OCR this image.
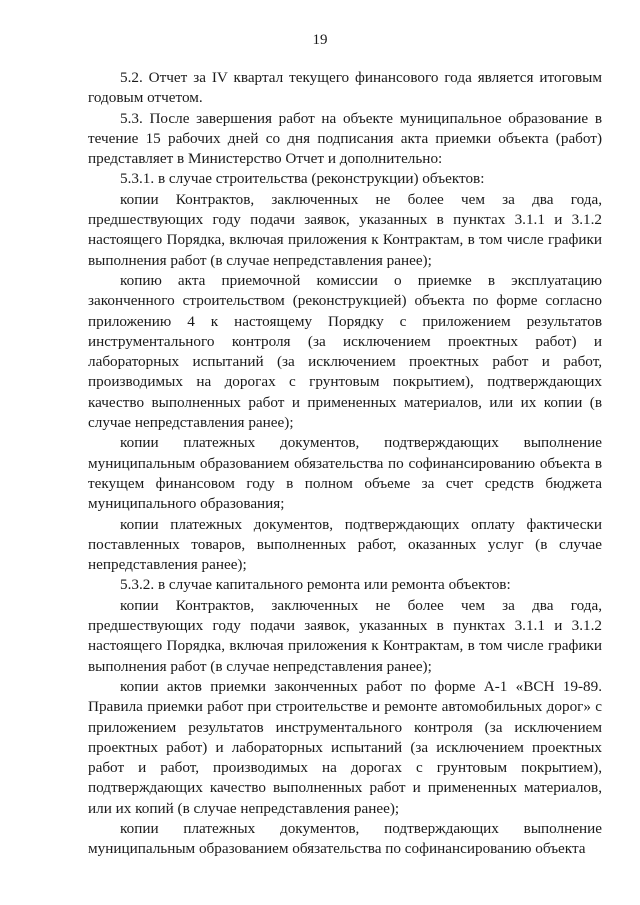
19

5.2. Отчет за IV квартал текущего финансового года является итоговым годовым отчетом.

5.3. После завершения работ на объекте муниципальное образование в течение 15 рабочих дней со дня подписания акта приемки объекта (работ) представляет в Министерство Отчет и дополнительно:

5.3.1. в случае строительства (реконструкции) объектов:

копии Контрактов, заключенных не более чем за два года, предшествующих году подачи заявок, указанных в пунктах 3.1.1 и 3.1.2 настоящего Порядка, включая приложения к Контрактам, в том числе графики выполнения работ (в случае непредставления ранее);

копию акта приемочной комиссии о приемке в эксплуатацию законченного строительством (реконструкцией) объекта по форме согласно приложению 4 к настоящему Порядку с приложением результатов инструментального контроля (за исключением проектных работ) и лабораторных испытаний (за исключением проектных работ и работ, производимых на дорогах с грунтовым покрытием), подтверждающих качество выполненных работ и примененных материалов, или их копии (в случае непредставления ранее);

копии платежных документов, подтверждающих выполнение муниципальным образованием обязательства по софинансированию объекта в текущем финансовом году в полном объеме за счет средств бюджета муниципального образования;

копии платежных документов, подтверждающих оплату фактически поставленных товаров, выполненных работ, оказанных услуг (в случае непредставления ранее);

5.3.2. в случае капитального ремонта или ремонта объектов:

копии Контрактов, заключенных не более чем за два года, предшествующих году подачи заявок, указанных в пунктах 3.1.1 и 3.1.2 настоящего Порядка, включая приложения к Контрактам, в том числе графики выполнения работ (в случае непредставления ранее);

копии актов приемки законченных работ по форме А-1 «ВСН 19-89. Правила приемки работ при строительстве и ремонте автомобильных дорог» с приложением результатов инструментального контроля (за исключением проектных работ) и лабораторных испытаний (за исключением проектных работ и работ, производимых на дорогах с грунтовым покрытием), подтверждающих качество выполненных работ и примененных материалов, или их копий (в случае непредставления ранее);

копии платежных документов, подтверждающих выполнение муниципальным образованием обязательства по софинансированию объекта
